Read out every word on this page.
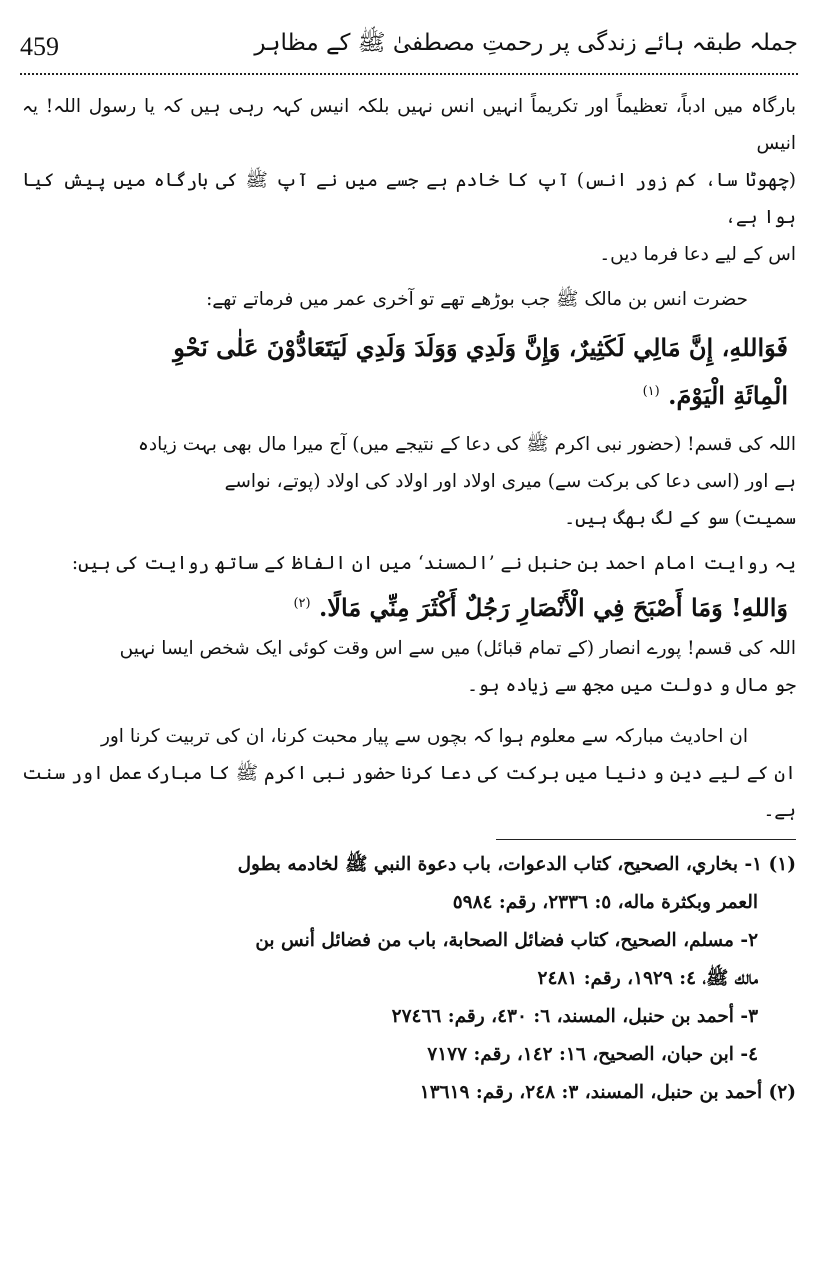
459	جملہ طبقہ ہائے زندگی پر رحمتِ مصطفیٰ ﷺ کے مظاہر
بارگاہ میں ادباً، تعظیماً اور تکریماً انہیں انس نہیں بلکہ انیس کہہ رہی ہیں کہ یا رسول اللہ! یہ انیس
(چھوٹا سا، کم زور انس) آپ کا خادم ہے جسے میں نے آپ ﷺ کی بارگاہ میں پیش کیا ہوا ہے،
اس کے لیے دعا فرما دیں۔
حضرت انس بن مالک ﷺ جب بوڑھے تھے تو آخری عمر میں فرماتے تھے:
فَوَاللهِ، إِنَّ مَالِي لَكَثِيرٌ، وَإِنَّ وَلَدِي وَوَلَدَ وَلَدِي لَيَتَعَادُّوْنَ عَلٰى نَحْوِ
الْمِائَةِ الْيَوْمَ. $^{(١)}$
اللہ کی قسم! (حضور نبی اکرم ﷺ کی دعا کے نتیجے میں) آج میرا مال بھی بہت زیادہ
ہے اور (اسی دعا کی برکت سے) میری اولاد اور اولاد کی اولاد (پوتے، نواسے
سمیت) سو کے لگ بھگ ہیں۔
یہ روایت امام احمد بن حنبل نے ’المسند‘ میں ان الفاظ کے ساتھ روایت کی ہیں:
وَاللهِ! وَمَا أَصْبَحَ فِي الْأَنْصَارِ رَجُلٌ أَكْثَرَ مِنِّي مَالًا. $^{(٢)}$
اللہ کی قسم! پورے انصار (کے تمام قبائل) میں سے اس وقت کوئی ایک شخص ایسا نہیں
جو مال و دولت میں مجھ سے زیادہ ہو۔
ان احادیث مبارکہ سے معلوم ہوا کہ بچوں سے پیار محبت کرنا، ان کی تربیت کرنا اور
ان کے لیے دین و دنیا میں برکت کی دعا کرنا حضور نبی اکرم ﷺ کا مبارک عمل اور سنت ہے۔
(١) ١- بخاري، الصحيح، كتاب الدعوات، باب دعوة النبي ﷺ لخادمه بطول
العمر وبكثرة ماله، ٥: ٢٣٣٦، رقم: ٥٩٨٤
٢- مسلم، الصحيح، كتاب فضائل الصحابة، باب من فضائل أنس بن
مالك ﷺ، ٤: ١٩٢٩، رقم: ٢٤٨١
٣- أحمد بن حنبل، المسند، ٦: ٤٣٠، رقم: ٢٧٤٦٦
٤- ابن حبان، الصحيح، ١٦: ١٤٢، رقم: ٧١٧٧
(٢) أحمد بن حنبل، المسند، ٣: ٢٤٨، رقم: ١٣٦١٩
